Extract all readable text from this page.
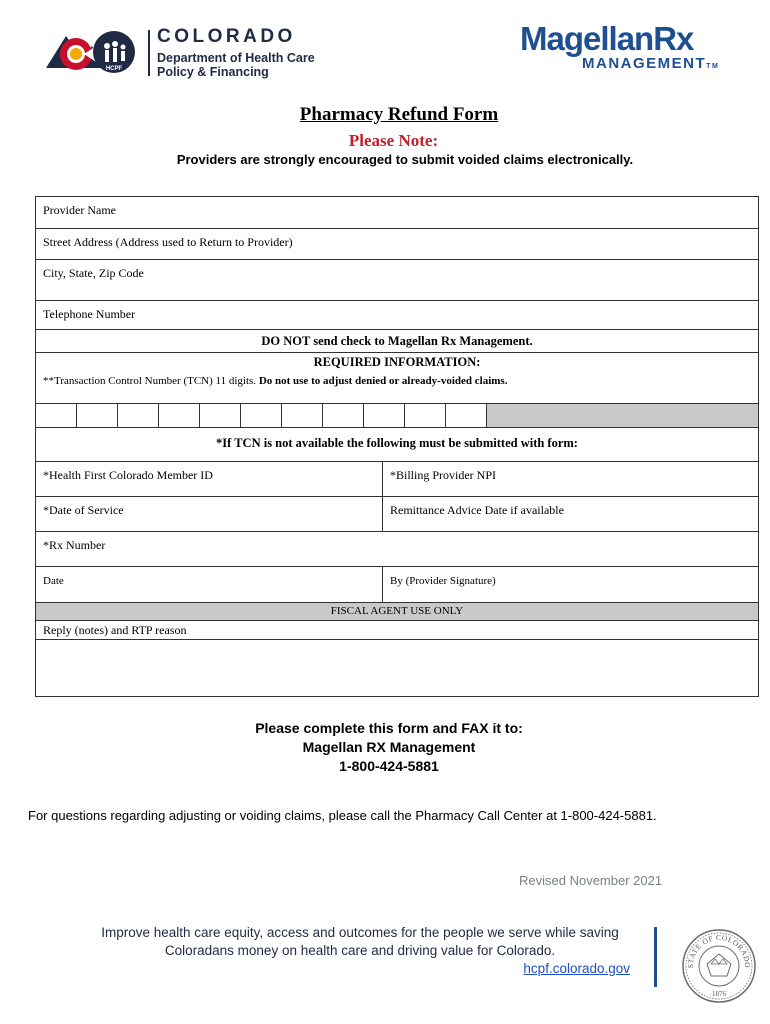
HCPF
COLORADO
Department of Health Care
Policy & Financing
MagellanRx
MANAGEMENTTM
Pharmacy Refund Form
Please Note:
Providers are strongly encouraged to submit voided claims electronically.
Provider Name
Street Address (Address used to Return to Provider)
City, State, Zip Code
Telephone Number
DO NOT send check to Magellan Rx Management.
REQUIRED INFORMATION:
**Transaction Control Number (TCN) 11 digits. Do not use to adjust denied or already-voided claims.
*If TCN is not available the following must be submitted with form:
*Health First Colorado Member ID	*Billing Provider NPI
*Date of Service	Remittance Advice Date if available
*Rx Number
Date	By (Provider Signature)
FISCAL AGENT USE ONLY
Reply (notes) and RTP reason
Please complete this form and FAX it to:
Magellan RX Management
1-800-424-5881
For questions regarding adjusting or voiding claims, please call the Pharmacy Call Center at 1-800-424-5881.
Revised November 2021
Improve health care equity, access and outcomes for the people we serve while saving
Coloradans money on health care and driving value for Colorado.
hcpf.colorado.gov	STATE OF COLORADO
1876
